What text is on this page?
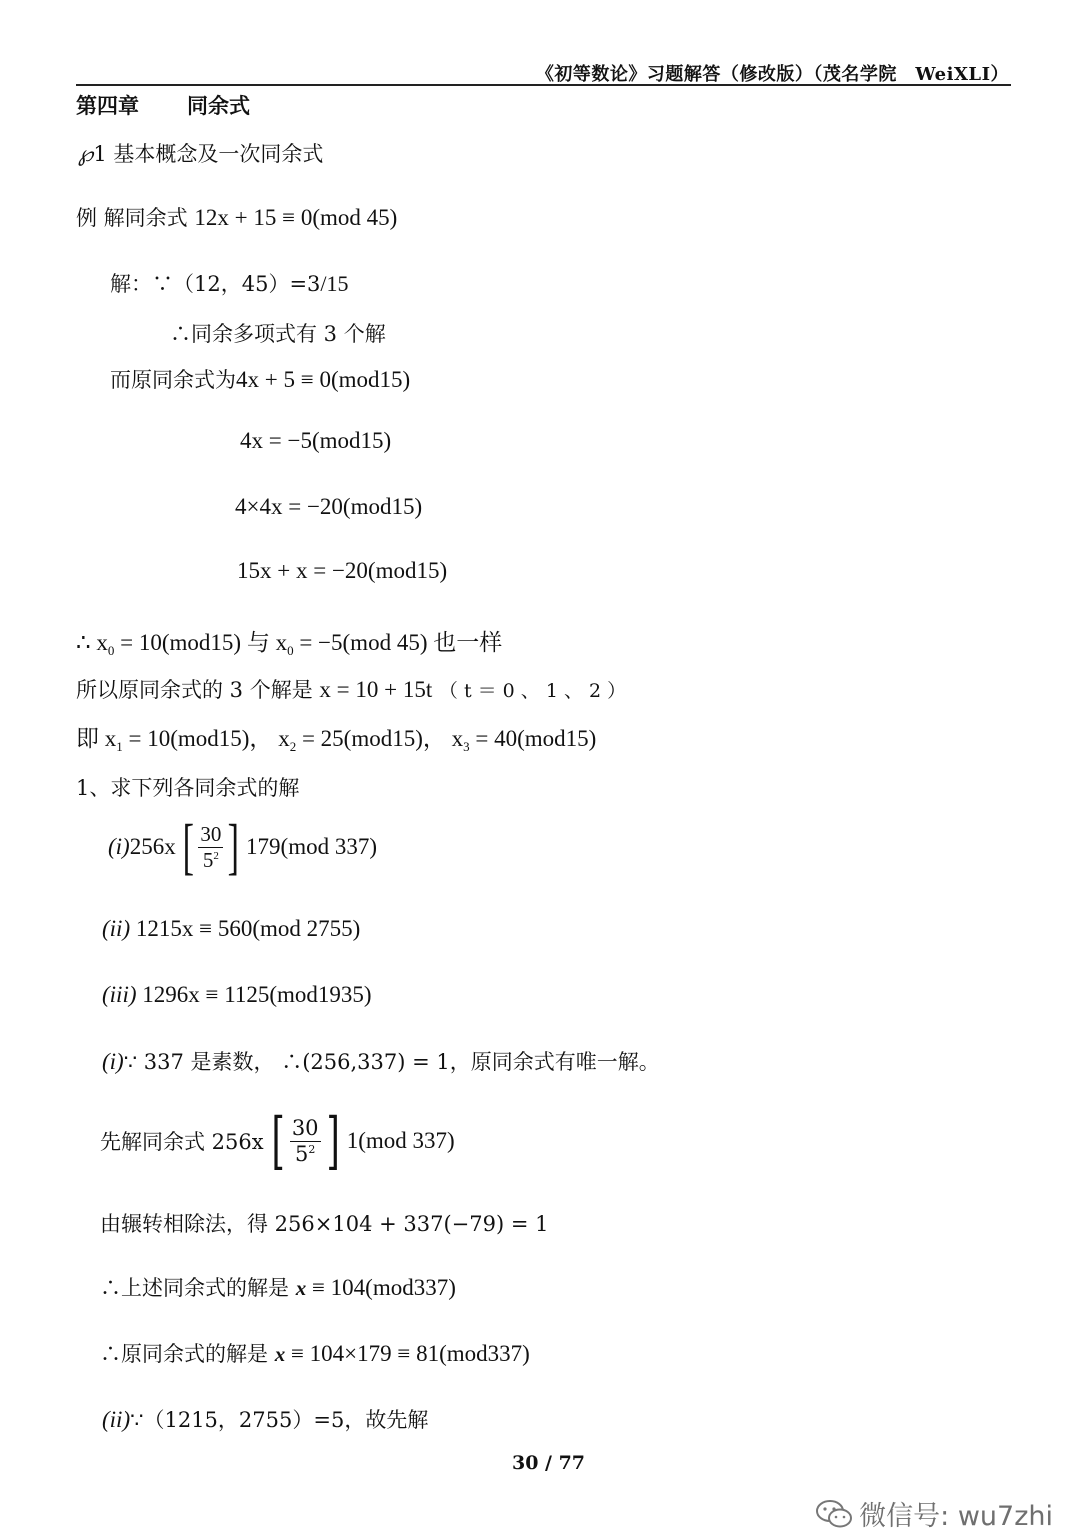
《初等数论》习题解答（修改版）（茂名学院　WeiXLI）
第四章 同余式
℘1 基本概念及一次同余式
例 解同余式 12x + 15 ≡ 0(mod 45)
解：∵（12，45）=3/15
∴同余多项式有 3 个解
而原同余式为4x + 5 ≡ 0(mod15)
4x = −5(mod15)
4×4x = −20(mod15)
15x + x = −20(mod15)
∴ $x_0 = 10(mod15)$ 与 $x_0 = -5(mod$ 45) 也一样
所以原同余式的 3 个解是 x = 10 + 15t （ t ＝ 0 、 1 、 2 ）
即 $x_1 = 10(mod15)$， $x_2 = 25(mod15)$， $x_3 = 40(mod15)$
1、求下列各同余式的解
(i) 256x [ $\frac{30}{5^2}$ ] 179(mod 337)
(ii) 1215x ≡ 560(mod 2755)
(iii) 1296x ≡ 1125(mod1935)
(i)∵ 337 是素数， ∴(256,337) = 1，原同余式有唯一解。
先解同余式 256x [ $\frac{30}{5^2}$ ] 1(mod 337)
由辗转相除法，得 256×104 + 337(−79) = 1
∴上述同余式的解是 x ≡ 104(mod337)
∴原同余式的解是 x ≡ 104×179 ≡ 81(mod337)
(ii)∵（1215，2755）=5，故先解
30 / 77
微信号: wu7zhi
